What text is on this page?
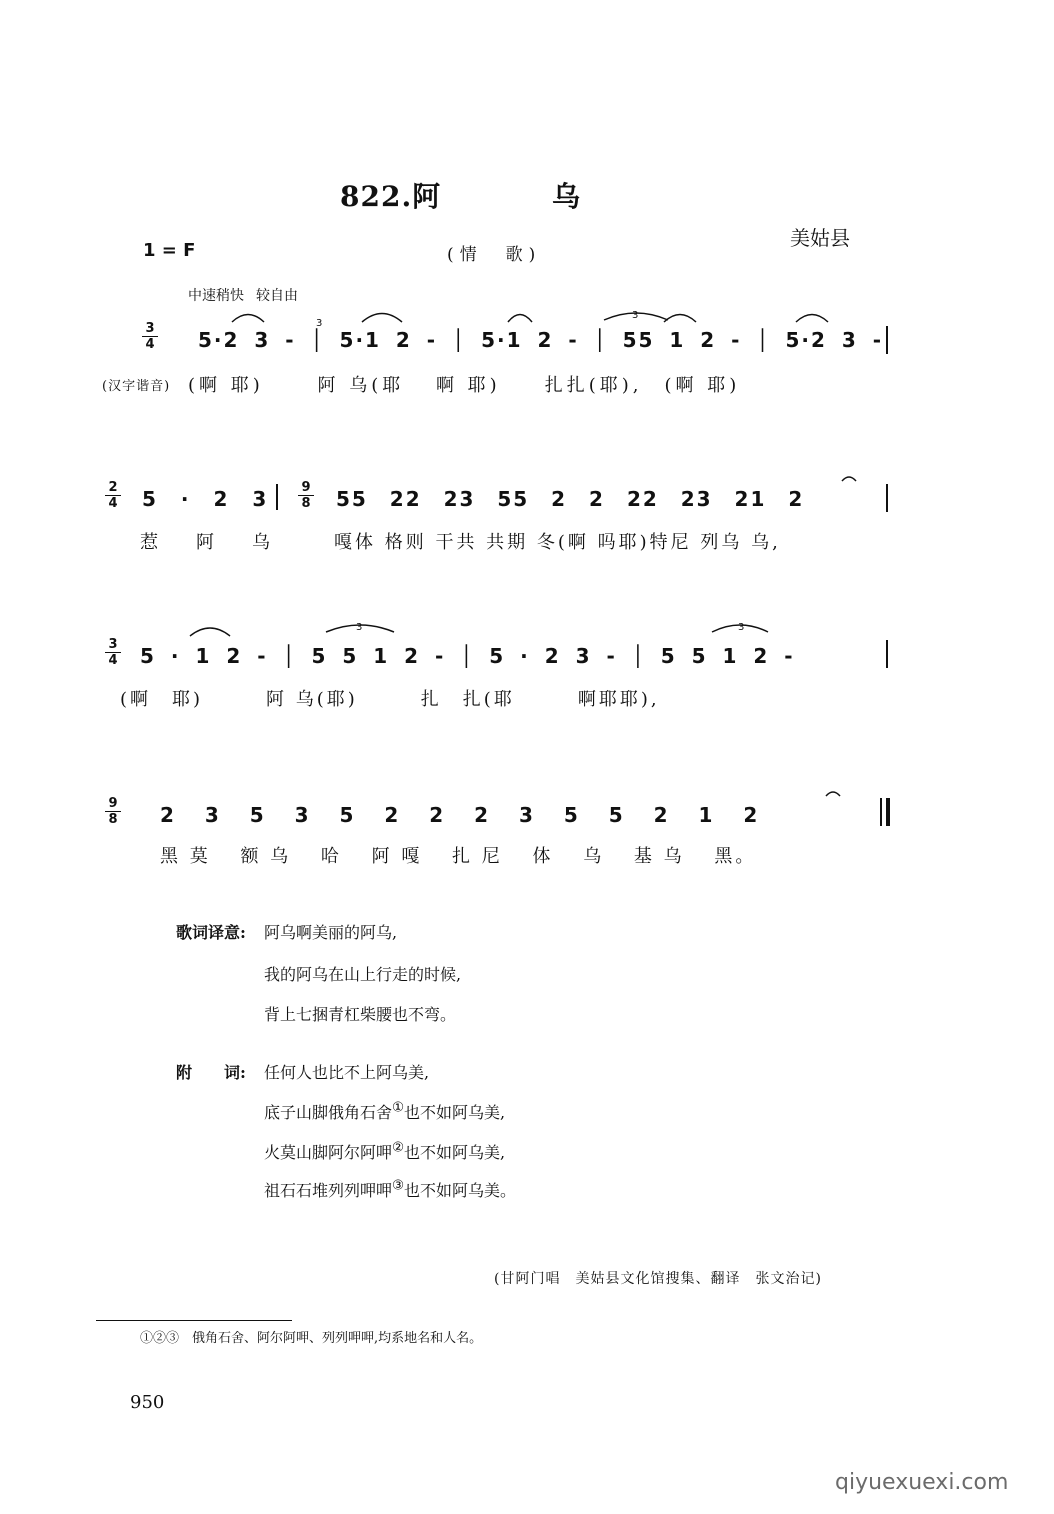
822.阿	乌
美姑县
1 = F	(情　歌)
中速稍快 较自由
$\frac{3}{4} 5\cdot 2$ 3 - │ 5·1 2 - │ 5·1 2 - │ 55 1 2 - │ 5·2 3 -
(汉字谐音) (啊 耶)　　 阿 乌(耶 　啊 耶)　　扎扎(耶),　(啊 耶)
$\frac{2}{4} 5 \cdot 2$ $3 \frac{9}{8} 55$ 22 23 55 2 2 22 23 21 2
惹　阿　乌	嘎体 格则 干共 共期 冬(啊 吗耶)特尼 列乌 乌,
$\frac{3}{4} 5 \cdot 1$ 2 - │ 5 5 1 2 - │ 5 · 2 3 - │ 5 5 1 2 -
(啊　耶)　　　阿 乌(耶)　　　扎　扎(耶　　　啊耶耶),
$\frac{9}{8} 2$ 3 5 3 5 2 2 2 3 5 5 2 1 2
黑 莫　 额 乌　 哈　 阿 嘎　 扎 尼　 体　 乌　 基 乌　 黑。
3
3	3
3
歌词译意: 阿乌啊美丽的阿乌,
我的阿乌在山上行走的时候,
背上七捆青杠柴腰也不弯。
附　　词: 任何人也比不上阿乌美,
底子山脚俄角石舍①也不如阿乌美,
火莫山脚阿尔阿呷②也不如阿乌美,
祖石石堆列列呷呷③也不如阿乌美。
(甘阿门唱　美姑县文化馆搜集、翻译　张文治记)
①②③　俄角石舍、阿尔阿呷、列列呷呷,均系地名和人名。
950
qiyuexuexi.com
